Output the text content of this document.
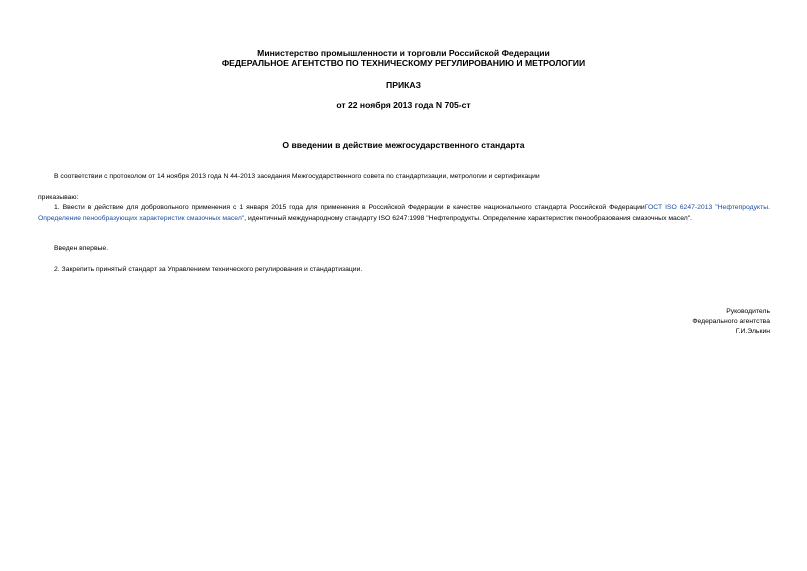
Министерство промышленности и торговли Российской Федерации
ФЕДЕРАЛЬНОЕ АГЕНТСТВО ПО ТЕХНИЧЕСКОМУ РЕГУЛИРОВАНИЮ И МЕТРОЛОГИИ
ПРИКАЗ
от 22 ноября 2013 года N 705-ст
О введении в действие межгосударственного стандарта
В соответствии с протоколом от 14 ноября 2013 года N 44-2013 заседания Межгосударственного совета по стандартизации, метрологии и сертификации
приказываю:
1. Ввести в действие для добровольного применения с 1 января 2015 года для применения в Российской Федерации в качестве национального стандарта Российской ФедерацииГОСТ ISO 6247-2013 "Нефтепродукты. Определение пенообразующих характеристик смазочных масел", идентичный международному стандарту ISO 6247:1998 "Нефтепродукты. Определение характеристик пенообразования смазочных масел".
Введен впервые.
2. Закрепить принятый стандарт за Управлением технического регулирования и стандартизации.
Руководитель
Федерального агентства
Г.И.Элькин
